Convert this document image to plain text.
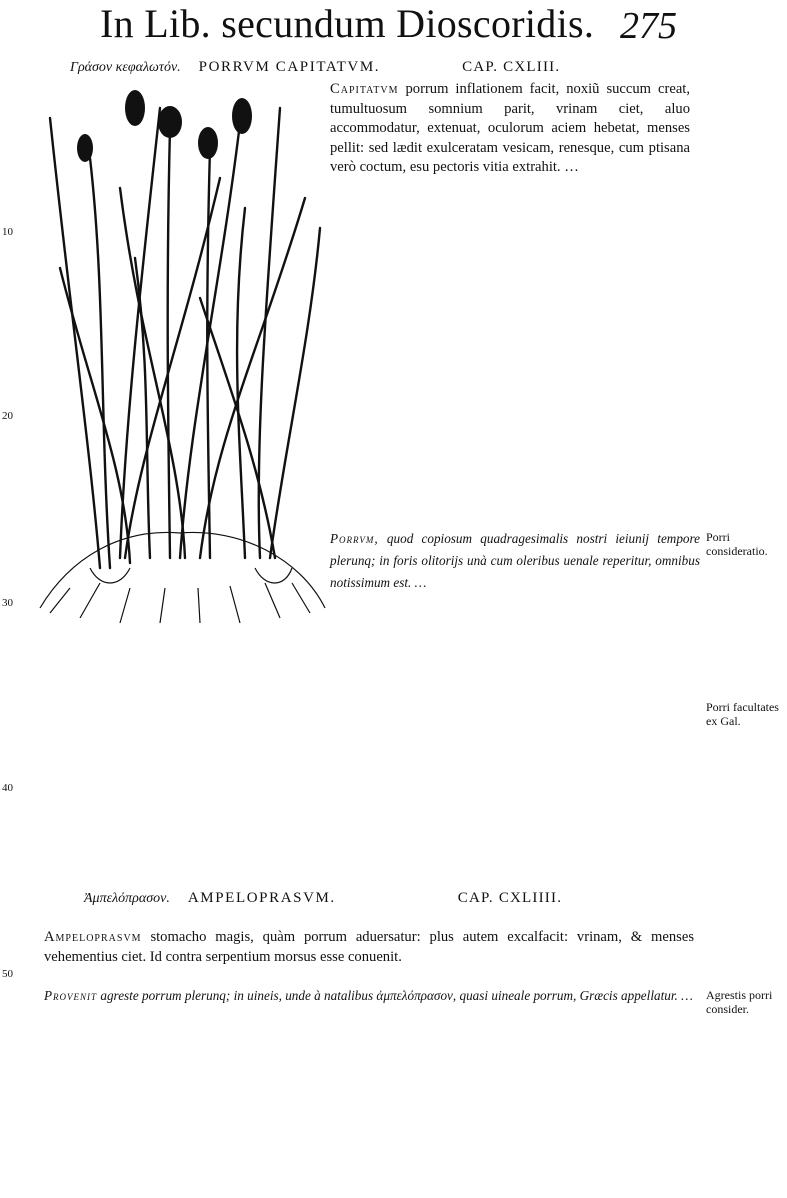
In Lib. secundum Dioscoridis. 275
Γράσον κεφαλωτόν. PORRVM CAPITATVM.	CAP. CXLIII.

Capitatvm porrum inflationem facit, noxiũ succum creat, tumultuosum somnium parit, vrinam ciet, aluo accommodatur, extenuat, oculorum aciem hebetat, menses pellit: sed lædit exulceratam vesicam, renesque, cum ptisana verò coctum, esu pectoris vitia extrahit. …

Porrvm, quod copiosum quadragesimalis nostri ieiunij tempore plerunq; in foris olitorijs unà cum oleribus uenale reperitur, omnibus notissimum est. …

Ἀμπελόπρασον. AMPELOPRASVM.	CAP. CXLIIII.

Ampeloprasvm stomacho magis, quàm porrum aduersatur: plus autem excalfacit: vrinam, & menses vehementius ciet. Id contra serpentium morsus esse conuenit.

Provenit agreste porrum plerunq; in uineis, unde à natalibus ἀμπελόπρασον, quasi uineale porrum, Græcis appellatur. …

Porri consideratio.
Porri facultates ex Gal.
Agrestis porri consider.
10
20
30
40
50
